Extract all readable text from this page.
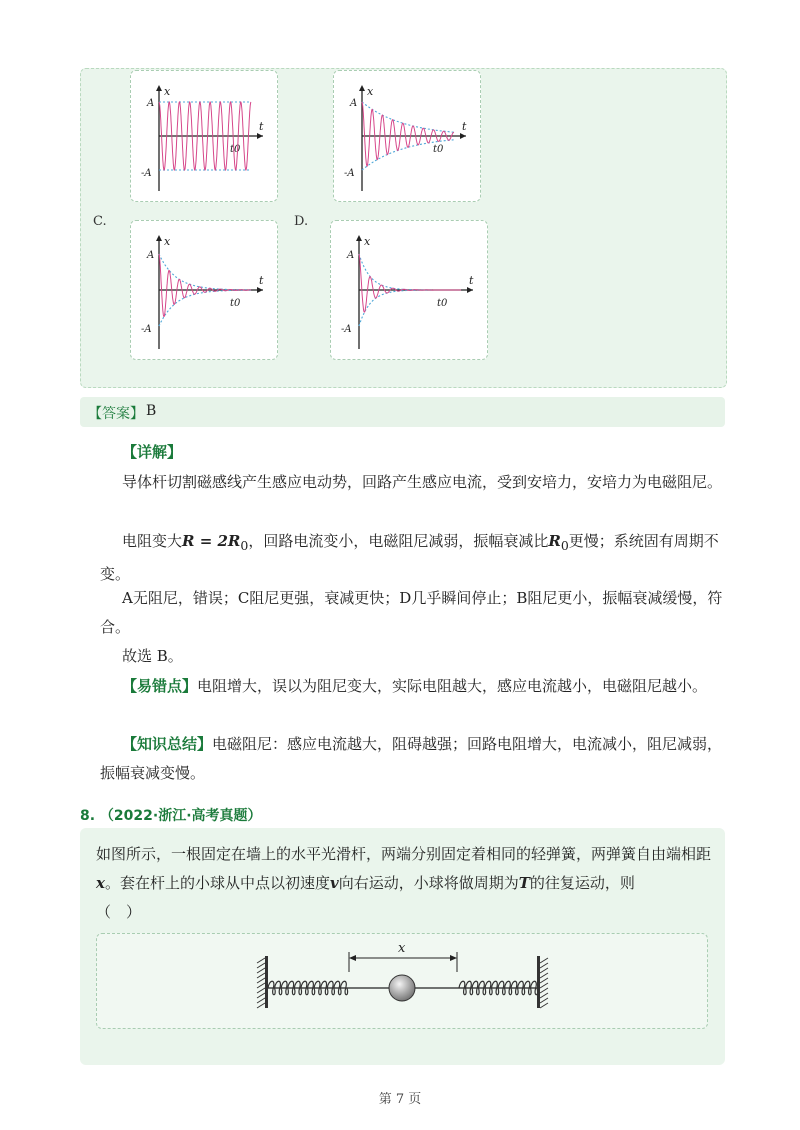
x
t
A
-A
t0
x
t
A
-A
t0
C.
x
t
A
-A
t0
D.
x
t
A
-A
t0
【答案】 B

【详解】

导体杆切割磁感线产生感应电动势，回路产生感应电流，受到安培力，安培力为电磁阻尼。

电阻变大$R = 2R_0$，回路电流变小，电磁阻尼减弱，振幅衰减比$R_0$更慢；系统固有周期不变。

A无阻尼，错误；C阻尼更强，衰减更快；D几乎瞬间停止；B阻尼更小，振幅衰减缓慢，符合。

故选 B。

【易错点】电阻增大，误以为阻尼变大，实际电阻越大，感应电流越小，电磁阻尼越小。

【知识总结】电磁阻尼：感应电流越大，阻碍越强；回路电阻增大，电流减小，阻尼减弱，振幅衰减变慢。

8. （2022·浙江·高考真题）

如图所示，一根固定在墙上的水平光滑杆，两端分别固定着相同的轻弹簧，两弹簧自由端相距x。套在杆上的小球从中点以初速度v向右运动，小球将做周期为T的往复运动，则
（　）

x
第 7 页
